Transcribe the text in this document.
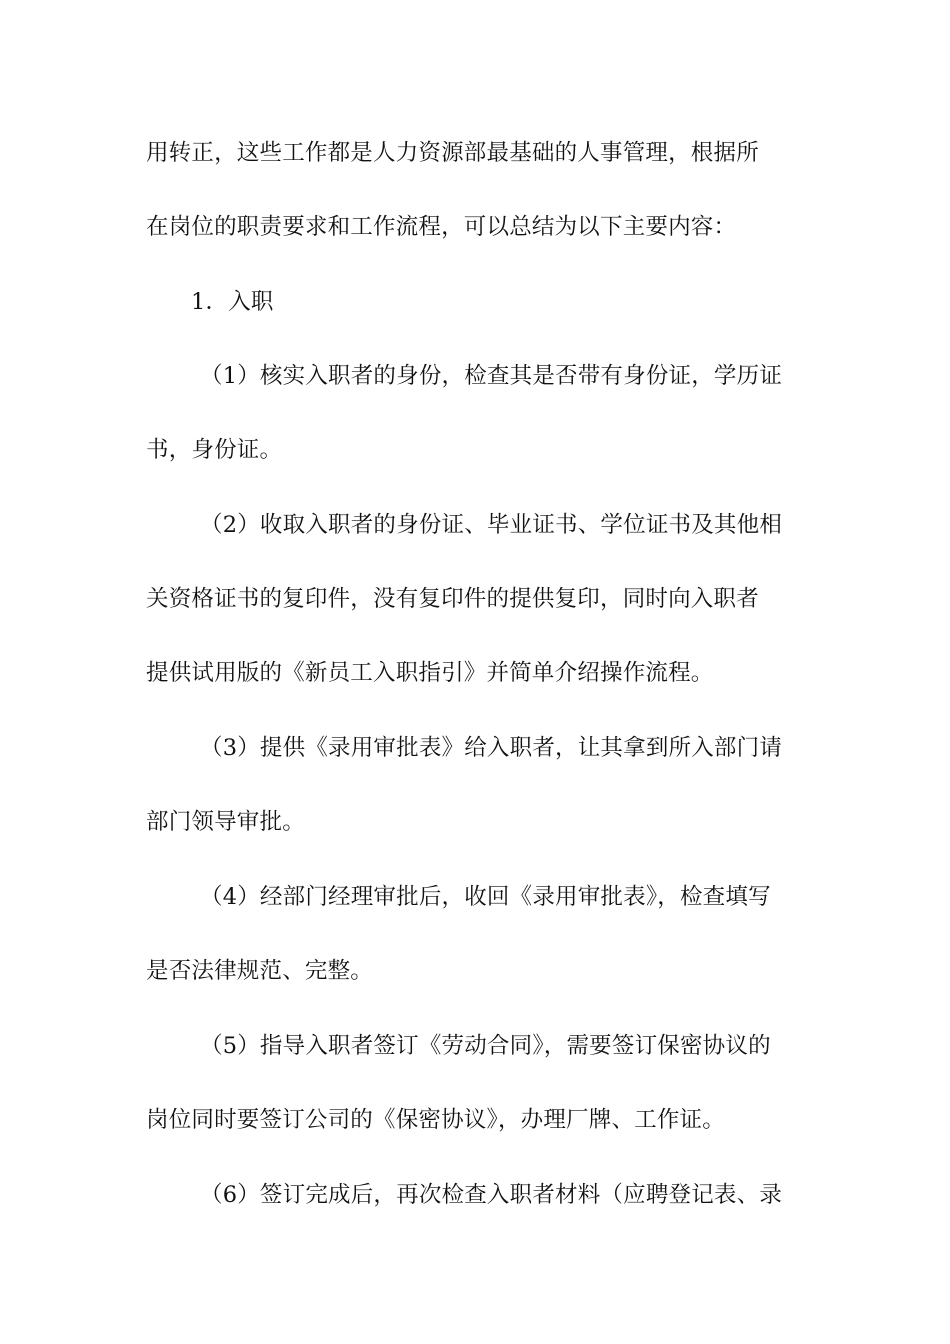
用转正，这些工作都是人力资源部最基础的人事管理，根据所
在岗位的职责要求和工作流程，可以总结为以下主要内容：
1．入职
（1）核实入职者的身份，检查其是否带有身份证，学历证
书，身份证。
（2）收取入职者的身份证、毕业证书、学位证书及其他相
关资格证书的复印件，没有复印件的提供复印，同时向入职者
提供试用版的《新员工入职指引》并简单介绍操作流程。
（3）提供《录用审批表》给入职者，让其拿到所入部门请
部门领导审批。
（4）经部门经理审批后，收回《录用审批表》，检查填写
是否法律规范、完整。
（5）指导入职者签订《劳动合同》，需要签订保密协议的
岗位同时要签订公司的《保密协议》，办理厂牌、工作证。
（6）签订完成后，再次检查入职者材料（应聘登记表、录
